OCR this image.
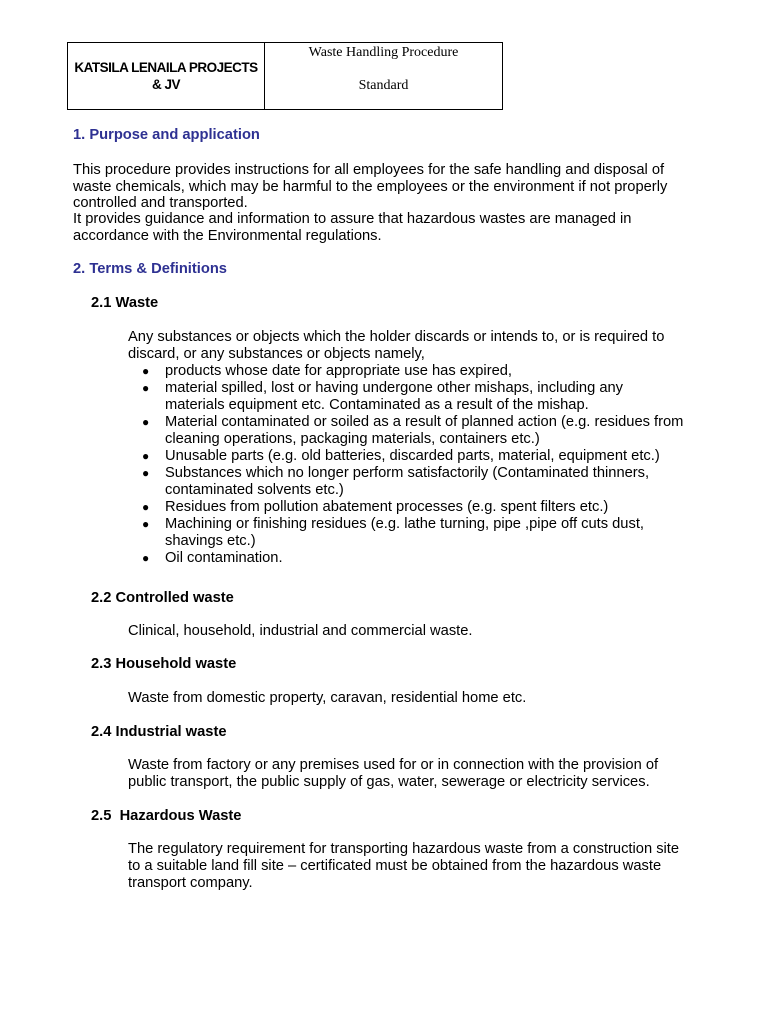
KATSILA LENAILA PROJECTS
& JV
Waste Handling Procedure
Standard
1. Purpose and application
This procedure provides instructions for all employees for the safe handling and disposal of
waste chemicals, which may be harmful to the employees or the environment if not properly
controlled and transported.
It provides guidance and information to assure that hazardous wastes are managed in
accordance with the Environmental regulations.
2. Terms & Definitions
2.1 Waste
Any substances or objects which the holder discards or intends to, or is required to
discard, or any substances or objects namely,
● products whose date for appropriate use has expired,
● material spilled, lost or having undergone other mishaps, including any
materials equipment etc. Contaminated as a result of the mishap.
● Material contaminated or soiled as a result of planned action (e.g. residues from
cleaning operations, packaging materials, containers etc.)
● Unusable parts (e.g. old batteries, discarded parts, material, equipment etc.)
● Substances which no longer perform satisfactorily (Contaminated thinners,
contaminated solvents etc.)
● Residues from pollution abatement processes (e.g. spent filters etc.)
● Machining or finishing residues (e.g. lathe turning, pipe ,pipe off cuts dust,
shavings etc.)
● Oil contamination.
2.2 Controlled waste
Clinical, household, industrial and commercial waste.
2.3 Household waste
Waste from domestic property, caravan, residential home etc.
2.4 Industrial waste
Waste from factory or any premises used for or in connection with the provision of
public transport, the public supply of gas, water, sewerage or electricity services.
2.5  Hazardous Waste
The regulatory requirement for transporting hazardous waste from a construction site
to a suitable land fill site – certificated must be obtained from the hazardous waste
transport company.
